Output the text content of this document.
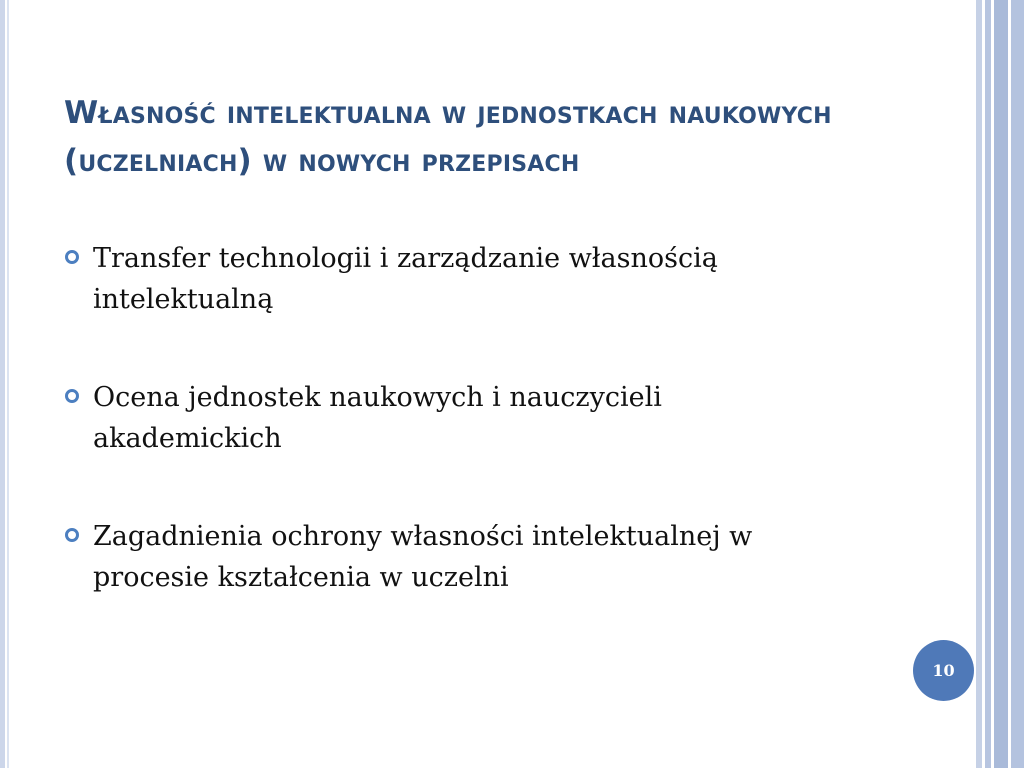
Własność intelektualna w jednostkach naukowych
(uczelniach) w nowych przepisach
Transfer technologii i zarządzanie własnością
intelektualną
Ocena jednostek naukowych i nauczycieli
akademickich
Zagadnienia ochrony własności intelektualnej w
procesie kształcenia w uczelni
10
